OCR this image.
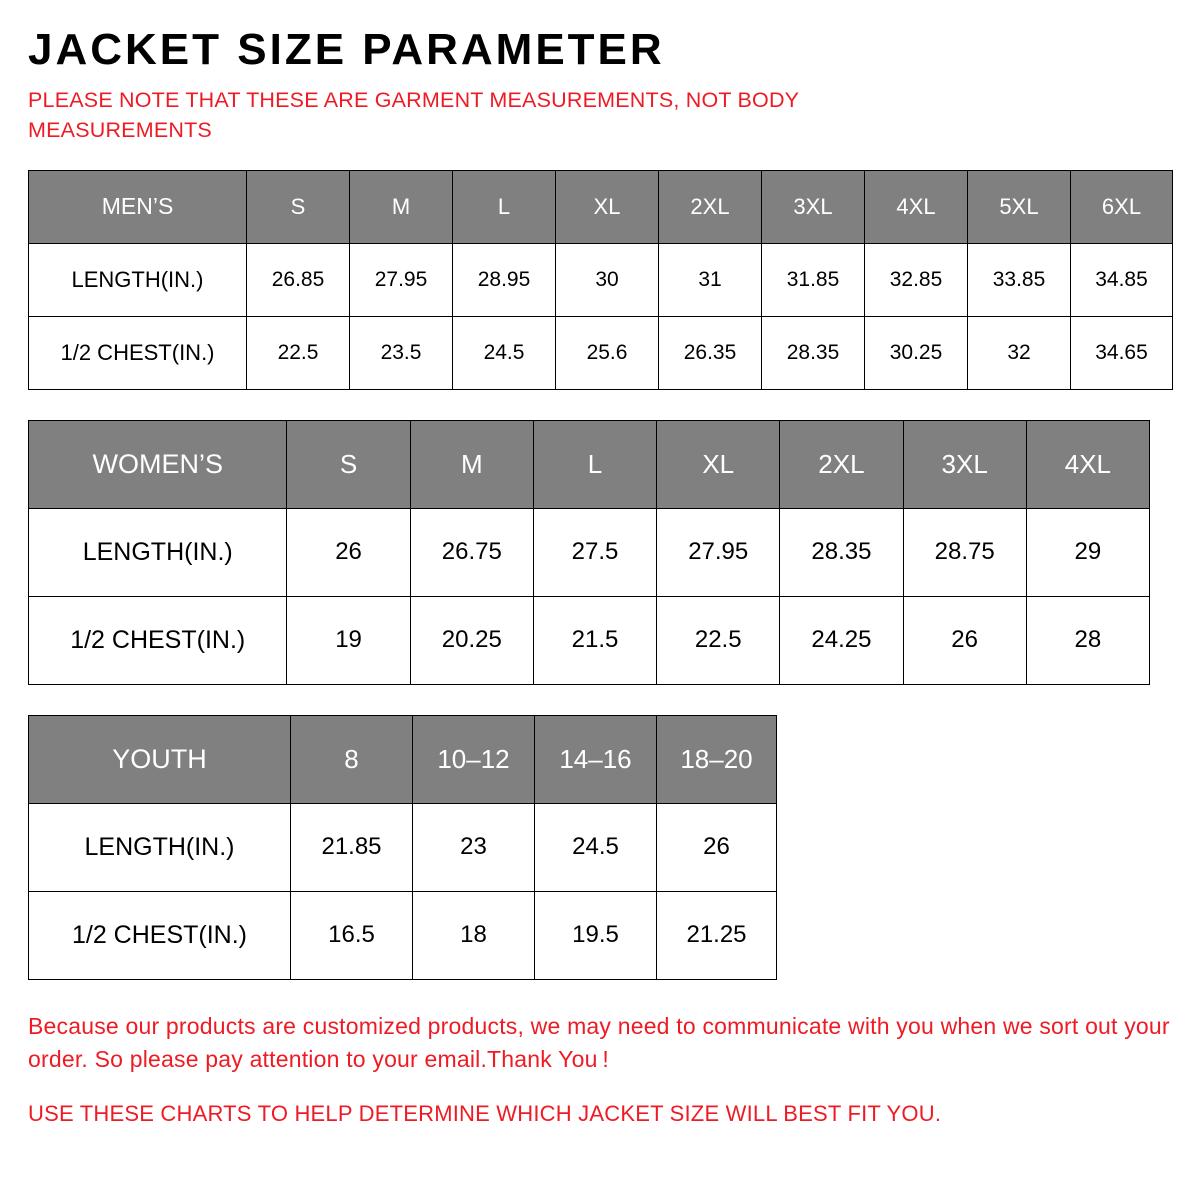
JACKET SIZE PARAMETER

PLEASE NOTE THAT THESE ARE GARMENT MEASUREMENTS, NOT BODY MEASUREMENTS

MEN’S	S	M	L	XL	2XL	3XL	4XL	5XL	6XL
LENGTH(IN.)	26.85	27.95	28.95	30	31	31.85	32.85	33.85	34.85
1/2 CHEST(IN.)	22.5	23.5	24.5	25.6	26.35	28.35	30.25	32	34.65
WOMEN’S	S	M	L	XL	2XL	3XL	4XL
LENGTH(IN.)	26	26.75	27.5	27.95	28.35	28.75	29
1/2 CHEST(IN.)	19	20.25	21.5	22.5	24.25	26	28
YOUTH	8	10–12	14–16	18–20
LENGTH(IN.)	21.85	23	24.5	26
1/2 CHEST(IN.)	16.5	18	19.5	21.25

Because our products are customized products, we may need to communicate with you when we sort out your order. So please pay attention to your email.Thank You !

USE THESE CHARTS TO HELP DETERMINE WHICH JACKET SIZE WILL BEST FIT YOU.
